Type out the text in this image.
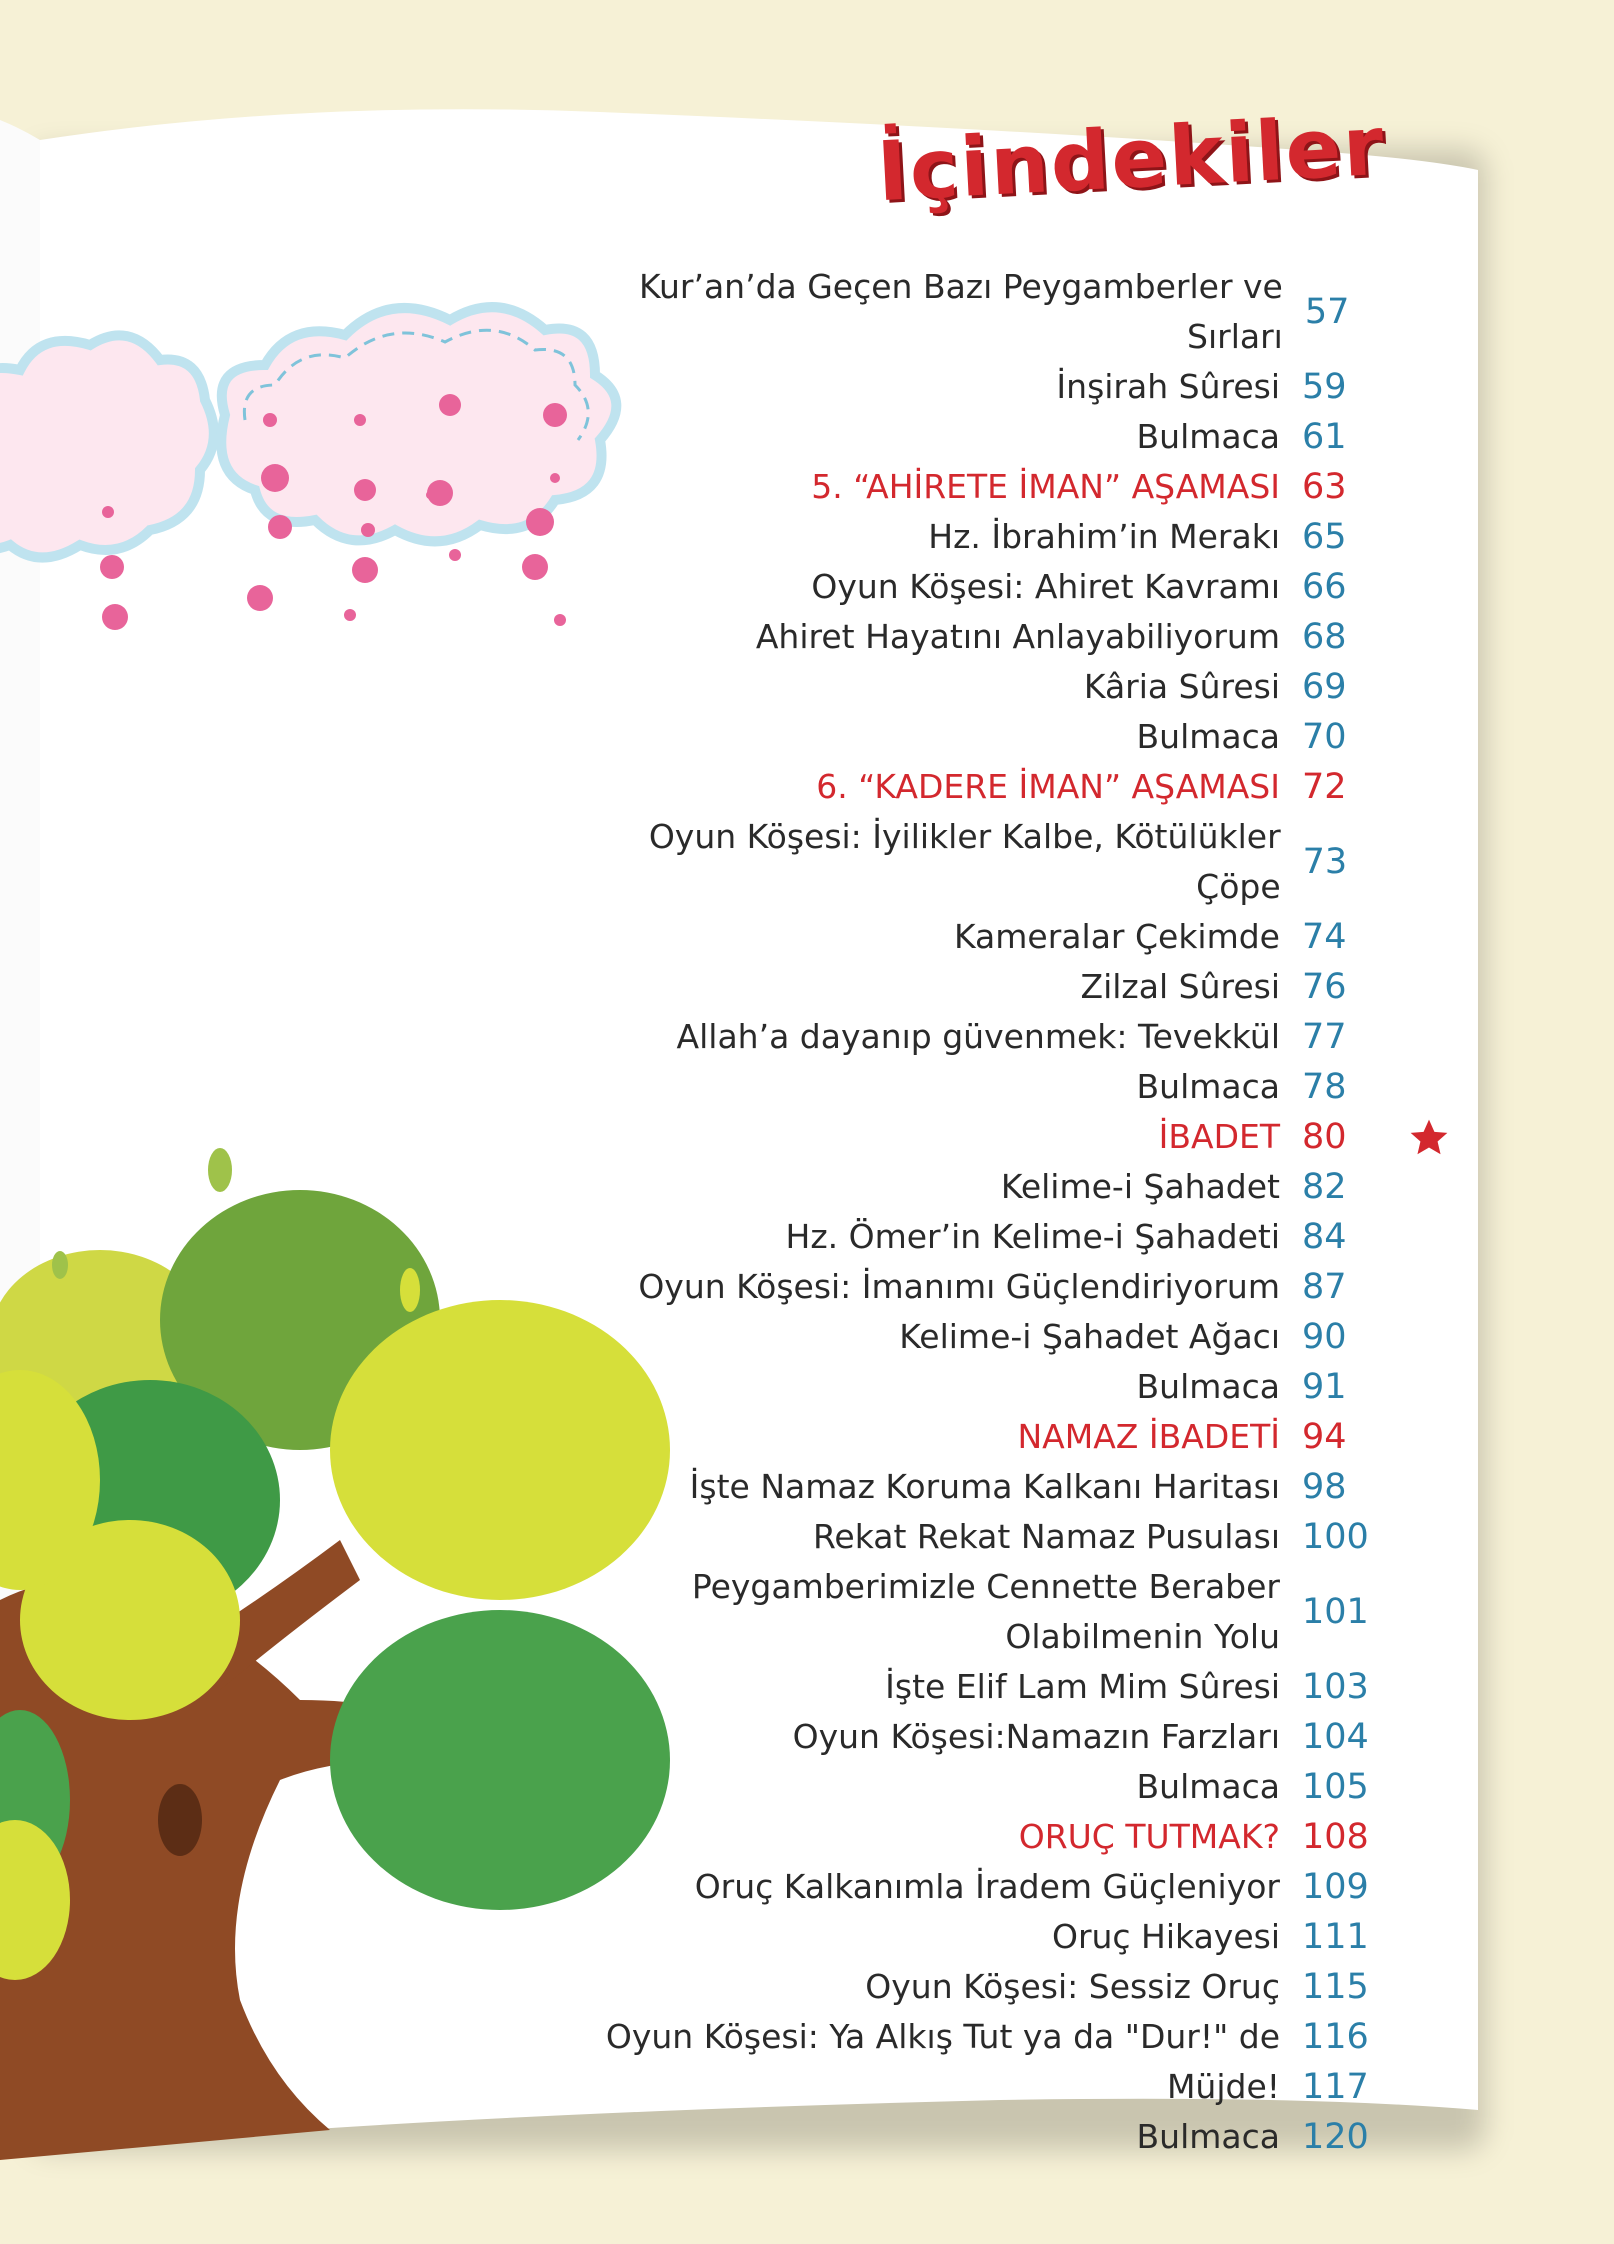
İçindekiler
Kur’an’da Geçen Bazı Peygamberler ve Sırları
57
İnşirah Sûresi 59
Bulmaca 61
5. “AHİRETE İMAN” AŞAMASI 63
Hz. İbrahim’in Merakı 65
Oyun Köşesi: Ahiret Kavramı 66
Ahiret Hayatını Anlayabiliyorum 68
Kâria Sûresi 69
Bulmaca 70
6. “KADERE İMAN” AŞAMASI 72
Oyun Köşesi: İyilikler Kalbe, Kötülükler Çöpe
73
Kameralar Çekimde 74
Zilzal Sûresi 76
Allah’a dayanıp güvenmek: Tevekkül 77
Bulmaca 78
İBADET 80
Kelime-i Şahadet 82
Hz. Ömer’in Kelime-i Şahadeti 84
Oyun Köşesi: İmanımı Güçlendiriyorum 87
Kelime-i Şahadet Ağacı 90
Bulmaca 91
NAMAZ İBADETİ 94
İşte Namaz Koruma Kalkanı Haritası 98
Rekat Rekat Namaz Pusulası 100
Peygamberimizle Cennette Beraber
Olabilmenin Yolu
101
İşte Elif Lam Mim Sûresi 103
Oyun Köşesi:Namazın Farzları 104
Bulmaca 105
ORUÇ TUTMAK? 108
Oruç Kalkanımla İradem Güçleniyor 109
Oruç Hikayesi 111
Oyun Köşesi: Sessiz Oruç 115
Oyun Köşesi: Ya Alkış Tut ya da "Dur!" de 116
Müjde! 117
Bulmaca 120
